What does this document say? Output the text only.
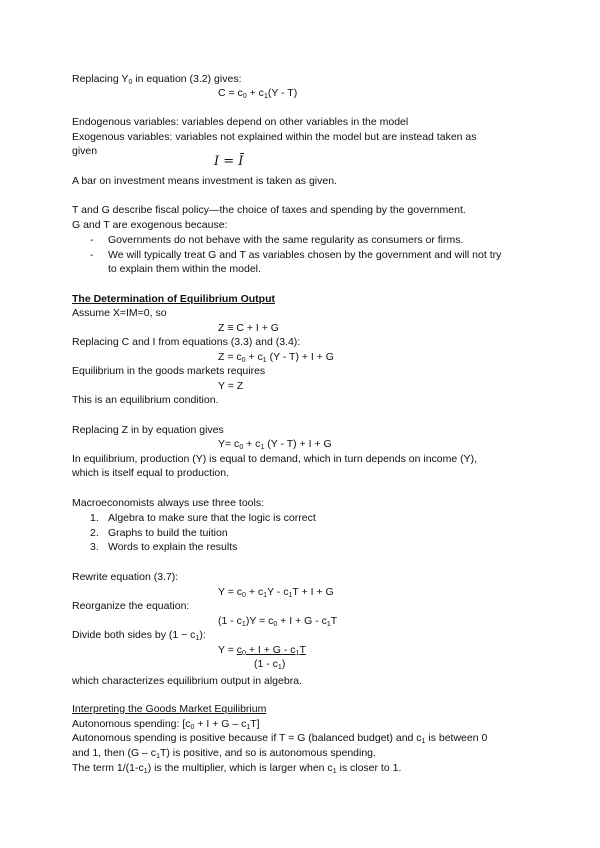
Replacing $Y_0$ in equation (3.2) gives:
$C = c_0 + c_1(Y - T)$
Endogenous variables: variables depend on other variables in the model
Exogenous variables: variables not explained within the model but are instead taken as
given
I = Ī
A bar on investment means investment is taken as given.
T and G describe fiscal policy—the choice of taxes and spending by the government.
G and T are exogenous because:
-	Governments do not behave with the same regularity as consumers or firms.
-	We will typically treat G and T as variables chosen by the government and will not try
to explain them within the model.
The Determination of Equilibrium Output
Assume X=IM=0, so
Z ≡ C + I + G
Replacing C and I from equations (3.3) and (3.4):
$Z = c_0 + c_1$ (Y - T) + I + G
Equilibrium in the goods markets requires
Y = Z
This is an equilibrium condition.
Replacing Z in by equation gives
$Y= c_0 + c_1$ (Y - T) + I + G
In equilibrium, production (Y) is equal to demand, which in turn depends on income (Y),
which is itself equal to production.
Macroeconomists always use three tools:
1. Algebra to make sure that the logic is correct
2. Graphs to build the tuition
3. Words to explain the results
Rewrite equation (3.7):
$Y = c_0 + c_1Y - c_1T + I + G$
Reorganize the equation:
$(1 - c_1)Y = c_0 + I + G - c_1T$
Divide both sides by $(1 - c_1)$:
$Y = c_0 + I + G - c_1T$
$(1 - c_1)$
which characterizes equilibrium output in algebra.
Interpreting the Goods Market Equilibrium
Autonomous spending: $[c_0 + I + G - c_1T]$
Autonomous spending is positive because if T = G (balanced budget) and $c_1$ is between 0
and 1, then $(G - c_1T)$ is positive, and so is autonomous spending.
The term $1/(1-c_1)$ is the multiplier, which is larger when $c_1$ is closer to 1.
